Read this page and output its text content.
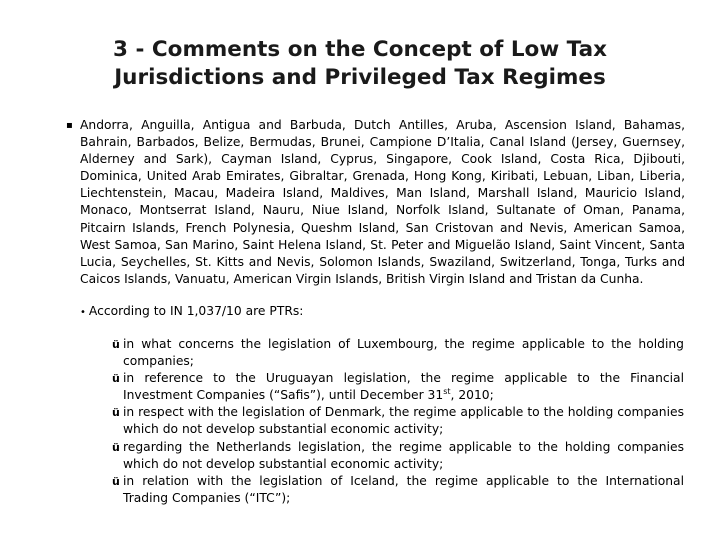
3 - Comments on the Concept of Low Tax
Jurisdictions and Privileged Tax Regimes
▪ Andorra, Anguilla, Antigua and Barbuda, Dutch Antilles, Aruba, Ascension Island, Bahamas, Bahrain, Barbados, Belize, Bermudas, Brunei, Campione D’Italia, Canal Island (Jersey, Guernsey, Alderney and Sark), Cayman Island, Cyprus, Singapore, Cook Island, Costa Rica, Djibouti, Dominica, United Arab Emirates, Gibraltar, Grenada, Hong Kong, Kiribati, Lebuan, Liban, Liberia, Liechtenstein, Macau, Madeira Island, Maldives, Man Island, Marshall Island, Mauricio Island, Monaco, Montserrat Island, Nauru, Niue Island, Norfolk Island, Sultanate of Oman, Panama, Pitcairn Islands, French Polynesia, Queshm Island, San Cristovan and Nevis, American Samoa, West Samoa, San Marino, Saint Helena Island, St. Peter and Miguelão Island, Saint Vincent, Santa Lucia, Seychelles, St. Kitts and Nevis, Solomon Islands, Swaziland, Switzerland, Tonga, Turks and Caicos Islands, Vanuatu, American Virgin Islands, British Virgin Island and Tristan da Cunha.
• According to IN 1,037/10 are PTRs:
ü in what concerns the legislation of Luxembourg, the regime applicable to the holding companies;
ü in reference to the Uruguayan legislation, the regime applicable to the Financial Investment Companies (“Safis”), until December 31st, 2010;
ü in respect with the legislation of Denmark, the regime applicable to the holding companies which do not develop substantial economic activity;
ü regarding the Netherlands legislation, the regime applicable to the holding companies which do not develop substantial economic activity;
ü in relation with the legislation of Iceland, the regime applicable to the International Trading Companies (“ITC”);
